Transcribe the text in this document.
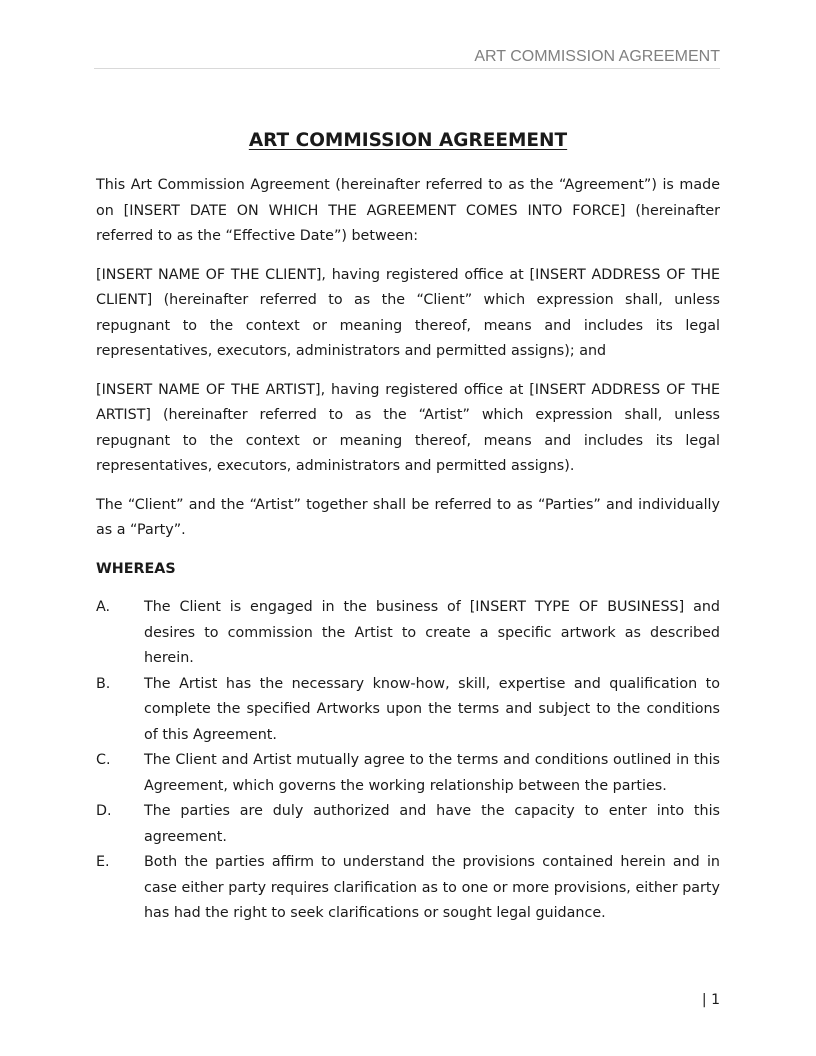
ART COMMISSION AGREEMENT
ART COMMISSION AGREEMENT

This Art Commission Agreement (hereinafter referred to as the “Agreement”) is made on [INSERT DATE ON WHICH THE AGREEMENT COMES INTO FORCE] (hereinafter referred to as the “Effective Date”) between:

[INSERT NAME OF THE CLIENT], having registered office at [INSERT ADDRESS OF THE CLIENT] (hereinafter referred to as the “Client” which expression shall, unless repugnant to the context or meaning thereof, means and includes its legal representatives, executors, administrators and permitted assigns); and

[INSERT NAME OF THE ARTIST], having registered office at [INSERT ADDRESS OF THE ARTIST] (hereinafter referred to as the “Artist” which expression shall, unless repugnant to the context or meaning thereof, means and includes its legal representatives, executors, administrators and permitted assigns).

The “Client” and the “Artist” together shall be referred to as “Parties” and individually as a “Party”.

WHEREAS
A.	The Client is engaged in the business of [INSERT TYPE OF BUSINESS] and desires to commission the Artist to create a specific artwork as described herein.
B.	The Artist has the necessary know-how, skill, expertise and qualification to complete the specified Artworks upon the terms and subject to the conditions of this Agreement.
C.	The Client and Artist mutually agree to the terms and conditions outlined in this Agreement, which governs the working relationship between the parties.
D.	The parties are duly authorized and have the capacity to enter into this agreement.
E.	Both the parties affirm to understand the provisions contained herein and in case either party requires clarification as to one or more provisions, either party has had the right to seek clarifications or sought legal guidance.
| 1
